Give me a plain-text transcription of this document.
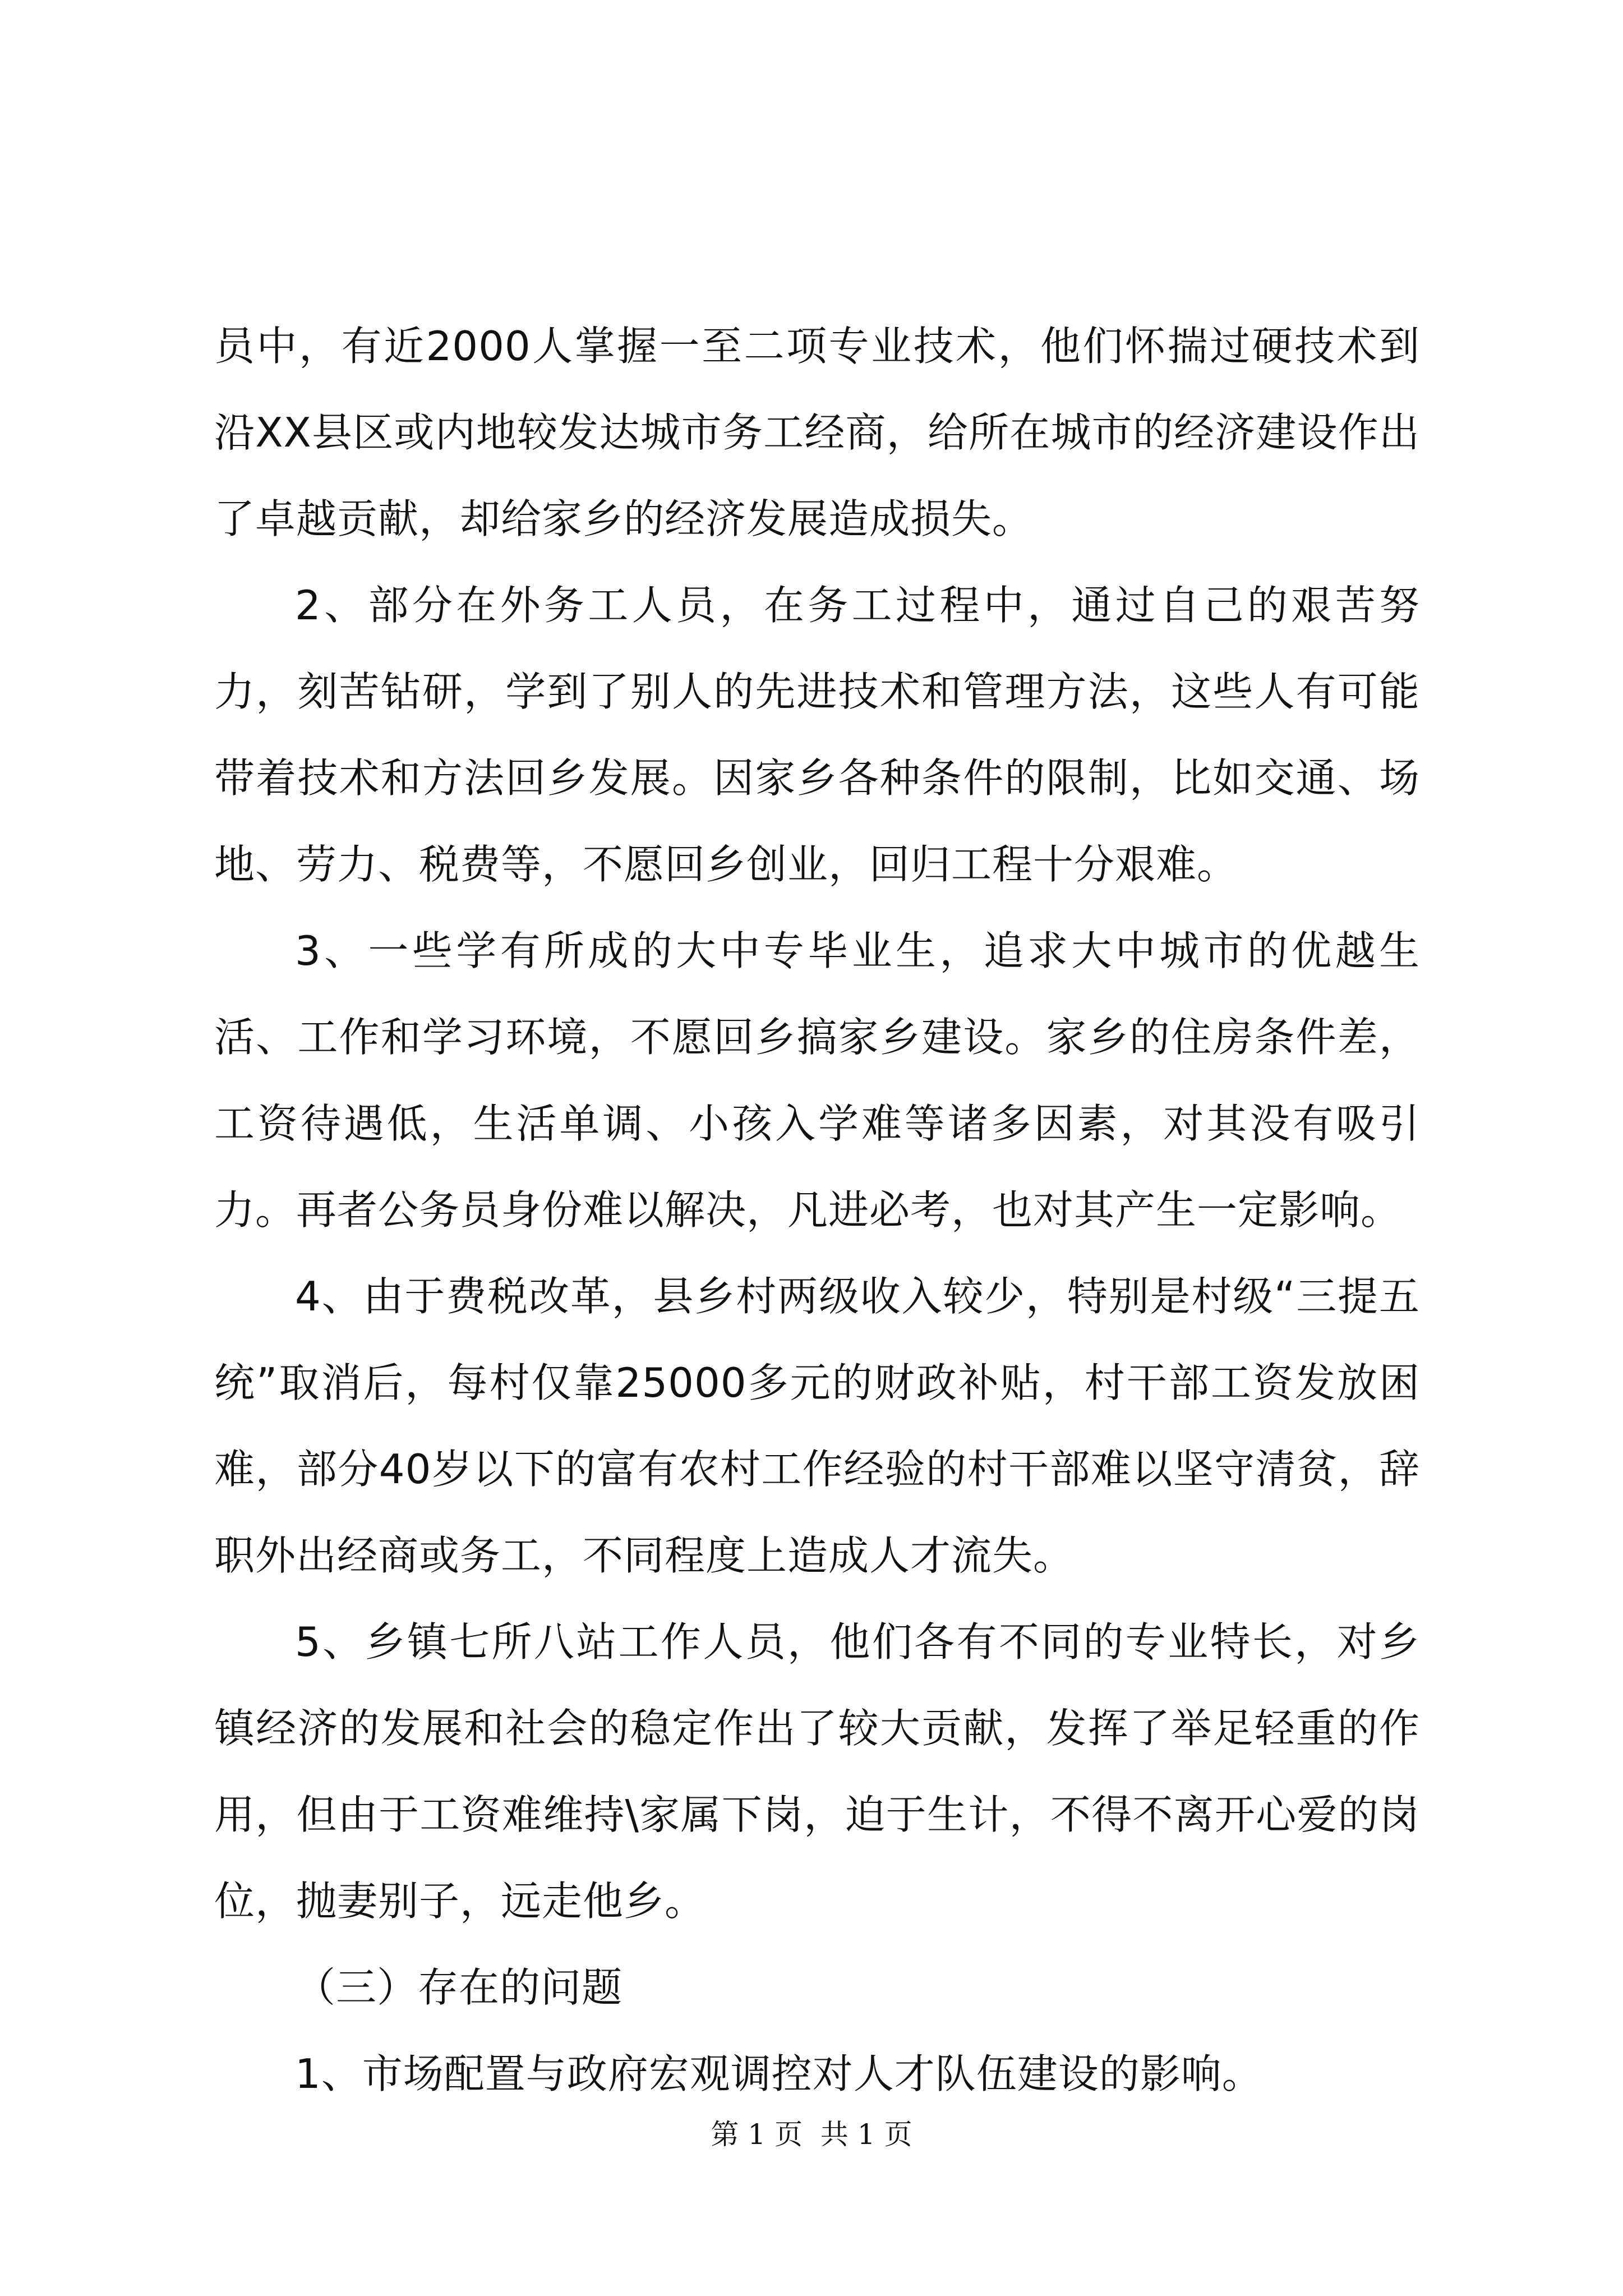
员中，有近2000人掌握一至二项专业技术，他们怀揣过硬技术到沿XX县区或内地较发达城市务工经商，给所在城市的经济建设作出了卓越贡献，却给家乡的经济发展造成损失。

2、部分在外务工人员，在务工过程中，通过自己的艰苦努力，刻苦钻研，学到了别人的先进技术和管理方法，这些人有可能带着技术和方法回乡发展。因家乡各种条件的限制，比如交通、场地、劳力、税费等，不愿回乡创业，回归工程十分艰难。

3、一些学有所成的大中专毕业生，追求大中城市的优越生活、工作和学习环境，不愿回乡搞家乡建设。家乡的住房条件差，工资待遇低，生活单调、小孩入学难等诸多因素，对其没有吸引力。再者公务员身份难以解决，凡进必考，也对其产生一定影响。

4、由于费税改革，县乡村两级收入较少，特别是村级“三提五统”取消后，每村仅靠25000多元的财政补贴，村干部工资发放困难，部分40岁以下的富有农村工作经验的村干部难以坚守清贫，辞职外出经商或务工，不同程度上造成人才流失。

5、乡镇七所八站工作人员，他们各有不同的专业特长，对乡镇经济的发展和社会的稳定作出了较大贡献，发挥了举足轻重的作用，但由于工资难维持\家属下岗，迫于生计，不得不离开心爱的岗位，抛妻别子，远走他乡。

（三）存在的问题

1、市场配置与政府宏观调控对人才队伍建设的影响。

第 1 页  共 1 页
